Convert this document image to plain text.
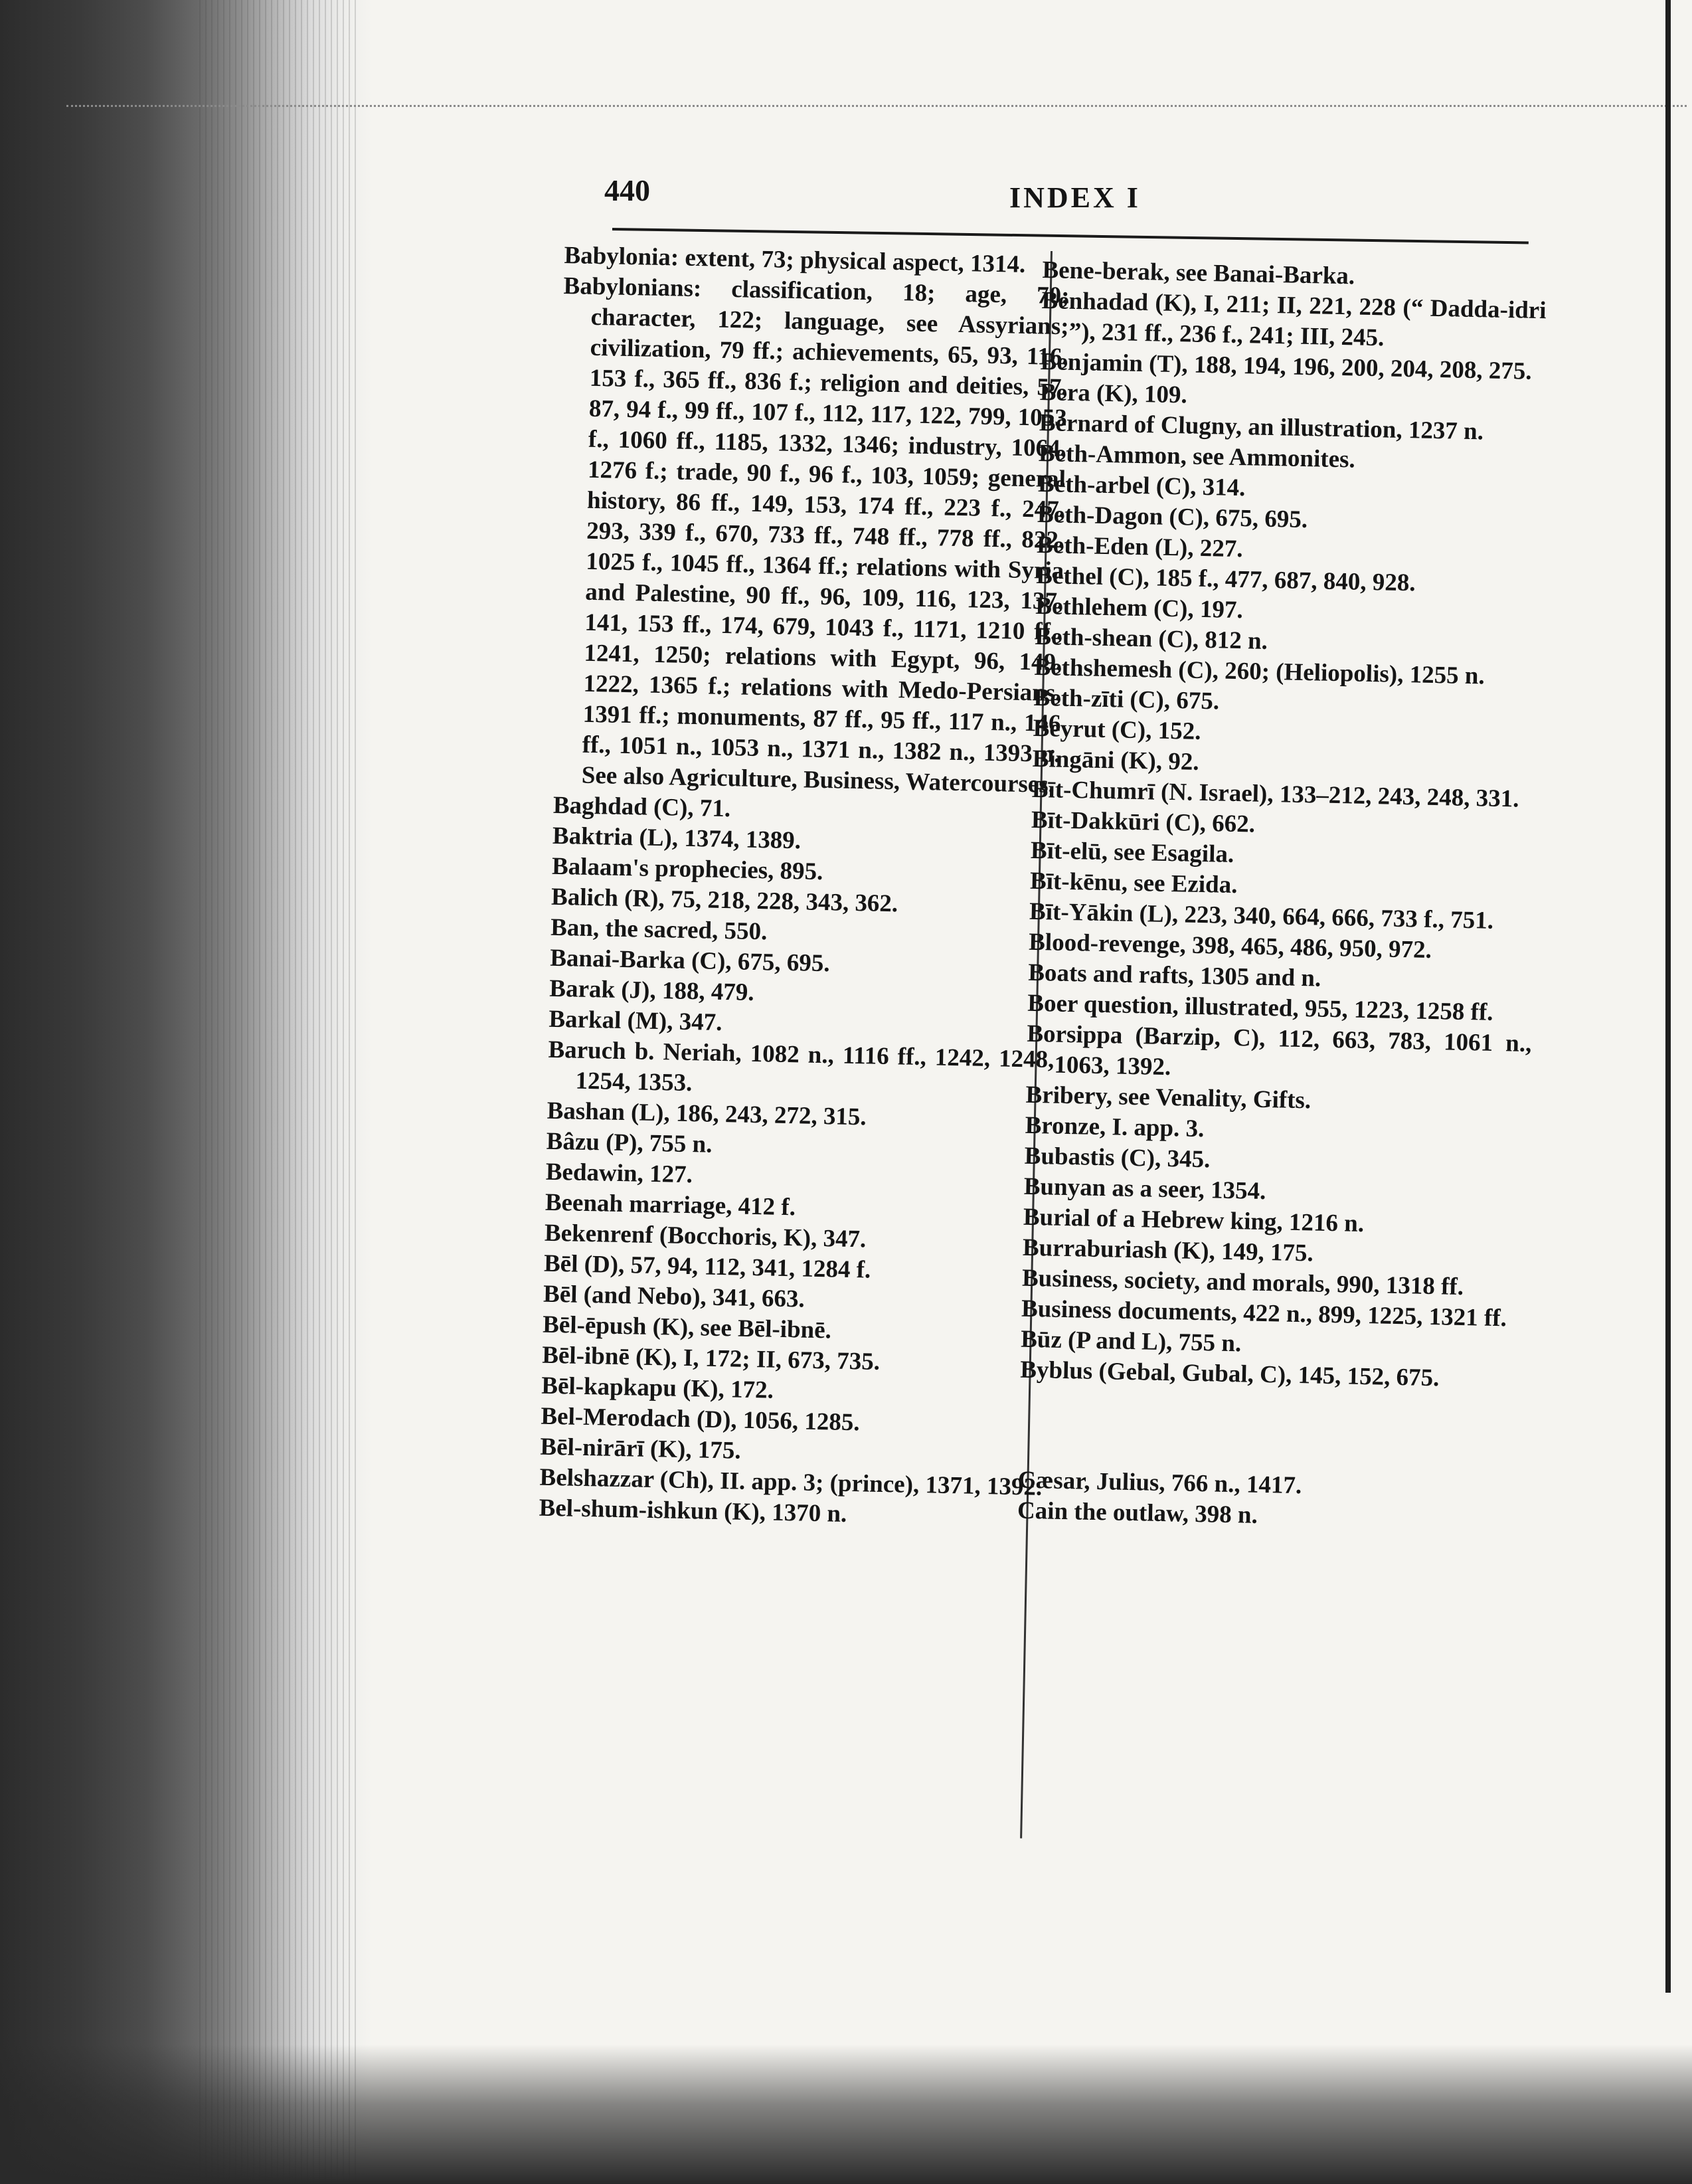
440	INDEX I

Babylonia: extent, 73; physical aspect, 1314.

Babylonians: classification, 18; age, 70; character, 122; language, see Assyrians; civilization, 79 ff.; achievements, 65, 93, 116, 153 f., 365 ff., 836 f.; religion and deities, 57, 87, 94 f., 99 ff., 107 f., 112, 117, 122, 799, 1053 f., 1060 ff., 1185, 1332, 1346; industry, 1064, 1276 f.; trade, 90 f., 96 f., 103, 1059; general history, 86 ff., 149, 153, 174 ff., 223 f., 247, 293, 339 f., 670, 733 ff., 748 ff., 778 ff., 822, 1025 f., 1045 ff., 1364 ff.; relations with Syria and Palestine, 90 ff., 96, 109, 116, 123, 137, 141, 153 ff., 174, 679, 1043 f., 1171, 1210 ff., 1241, 1250; relations with Egypt, 96, 149, 1222, 1365 f.; relations with Medo-Persians, 1391 ff.; monuments, 87 ff., 95 ff., 117 n., 146 ff., 1051 n., 1053 n., 1371 n., 1382 n., 1393 n. See also Agriculture, Business, Watercourses.

Baghdad (C), 71.

Baktria (L), 1374, 1389.

Balaam's prophecies, 895.

Balich (R), 75, 218, 228, 343, 362.

Ban, the sacred, 550.

Banai-Barka (C), 675, 695.

Barak (J), 188, 479.

Barkal (M), 347.

Baruch b. Neriah, 1082 n., 1116 ff., 1242, 1248, 1254, 1353.

Bashan (L), 186, 243, 272, 315.

Bâzu (P), 755 n.

Bedawin, 127.

Beenah marriage, 412 f.

Bekenrenf (Bocchoris, K), 347.

Bēl (D), 57, 94, 112, 341, 1284 f.

Bēl (and Nebo), 341, 663.

Bēl-ēpush (K), see Bēl-ibnē.

Bēl-ibnē (K), I, 172; II, 673, 735.

Bēl-kapkapu (K), 172.

Bel-Merodach (D), 1056, 1285.

Bēl-nirārī (K), 175.

Belshazzar (Ch), II. app. 3; (prince), 1371, 1392.

Bel-shum-ishkun (K), 1370 n.

Bene-berak, see Banai-Barka.

Benhadad (K), I, 211; II, 221, 228 (“ Dadda-idri ”), 231 ff., 236 f., 241; III, 245.

Benjamin (T), 188, 194, 196, 200, 204, 208, 275.

Bera (K), 109.

Bernard of Clugny, an illustration, 1237 n.

Beth-Ammon, see Ammonites.

Beth-arbel (C), 314.

Beth-Dagon (C), 675, 695.

Beth-Eden (L), 227.

Bethel (C), 185 f., 477, 687, 840, 928.

Bethlehem (C), 197.

Beth-shean (C), 812 n.

Bethshemesh (C), 260; (Heliopolis), 1255 n.

Beth-zīti (C), 675.

Beyrut (C), 152.

Bingāni (K), 92.

Bīt-Chumrī (N. Israel), 133–212, 243, 248, 331.

Bīt-Dakkūri (C), 662.

Bīt-elū, see Esagila.

Bīt-kēnu, see Ezida.

Bīt-Yākin (L), 223, 340, 664, 666, 733 f., 751.

Blood-revenge, 398, 465, 486, 950, 972.

Boats and rafts, 1305 and n.

Boer question, illustrated, 955, 1223, 1258 ff.

Borsippa (Barzip, C), 112, 663, 783, 1061 n., 1063, 1392.

Bribery, see Venality, Gifts.

Bronze, I. app. 3.

Bubastis (C), 345.

Bunyan as a seer, 1354.

Burial of a Hebrew king, 1216 n.

Burraburiash (K), 149, 175.

Business, society, and morals, 990, 1318 ff.

Business documents, 422 n., 899, 1225, 1321 ff.

Būz (P and L), 755 n.

Byblus (Gebal, Gubal, C), 145, 152, 675.

Cæsar, Julius, 766 n., 1417.

Cain the outlaw, 398 n.
